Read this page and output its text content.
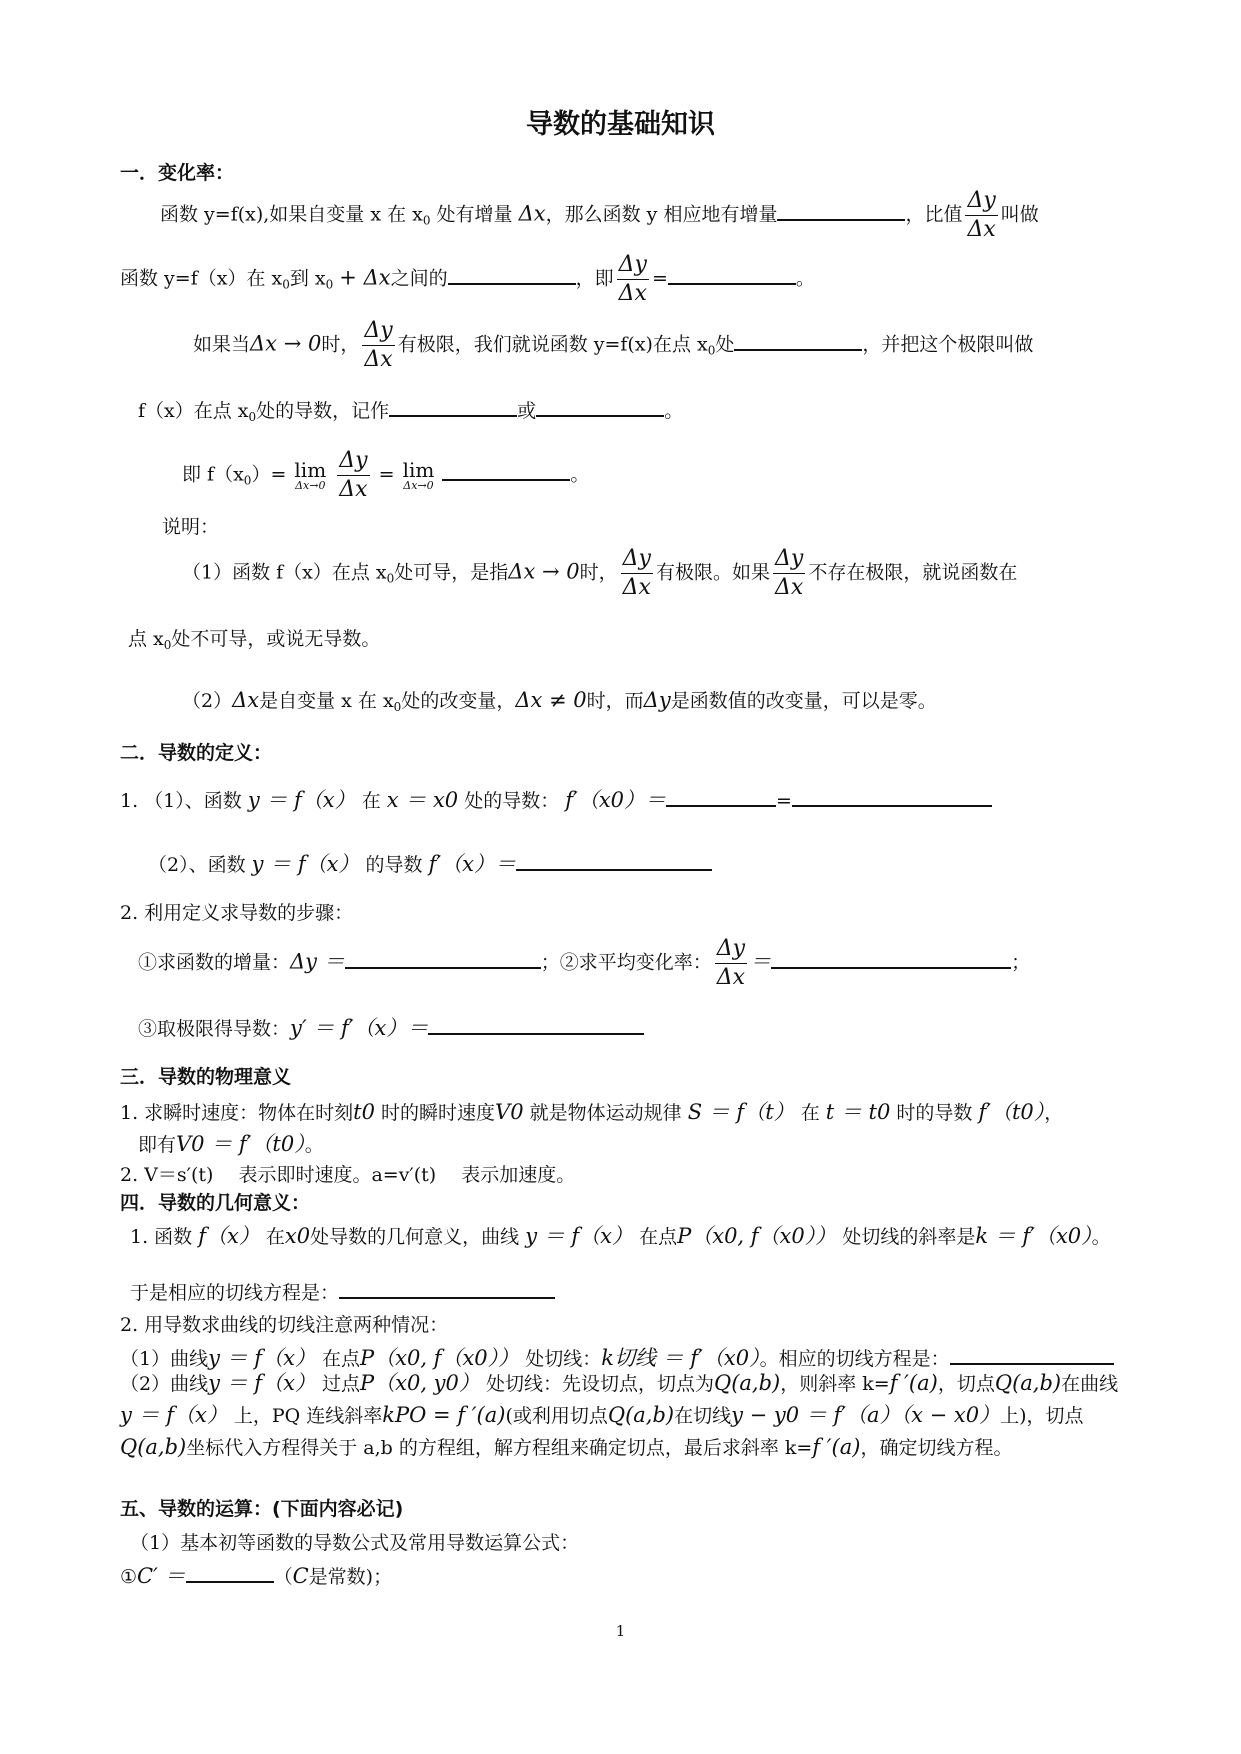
导数的基础知识
一．变化率：
函数 y=f(x),如果自变量 x 在 $x_0$ 处有增量 Δx，那么函数 y 相应地有增量	，比值 $\frac{\Delta y}{\Delta x}$ 叫做
函数 y=f（x）在 $x_0$到 $x_0 + \Delta x$之间的	，即 $\frac{\Delta y}{\Delta x}$ =	。
如果当Δx → 0时， $\frac{\Delta y}{\Delta x}$ 有极限，我们就说函数 y=f(x)在点 $x_0$处	，并把这个极限叫做
f（x）在点 $x_0$处的导数，记作	或	。
即 $f(x_0)= \lim$
Δx→0
$\frac{\Delta y}{\Delta x} = \lim$
Δx→0	。
说明：
（1）函数 f（x）在点 $x_0$处可导，是指Δx → 0时， $\frac{\Delta y}{\Delta x}$ 有极限。如果 $\frac{\Delta y}{\Delta x}$ 不存在极限，就说函数在
点 $x_0$处不可导，或说无导数。
（2）Δx是自变量 x 在 $x_0$处的改变量，Δx ≠ 0时，而Δy是函数值的改变量，可以是零。
二．导数的定义：
1. （1）、函数 y ＝ f（x） 在 x ＝ x0 处的导数： f′（x0）＝	=
（2）、函数 y ＝ f（x） 的导数 f′（x）＝
2. 利用定义求导数的步骤：
①求函数的增量：Δy ＝	；②求平均变化率： $\frac{\Delta y}{\Delta x}$ ＝	；
③取极限得导数：y′ ＝ f′（x）＝
三．导数的物理意义
1. 求瞬时速度：物体在时刻t0 时的瞬时速度V0 就是物体运动规律 S ＝ f（t） 在 t ＝ t0 时的导数 f′（t0），
即有V0 ＝ f′（t0）。
2. V＝s′(t)　 表示即时速度。a=v′(t)　 表示加速度。
四．导数的几何意义：
1. 函数 f（x） 在x0处导数的几何意义，曲线 y ＝ f（x） 在点P（x0, f（x0）） 处切线的斜率是k ＝ f′（x0）。
于是相应的切线方程是：
2. 用导数求曲线的切线注意两种情况：
（1）曲线y ＝ f（x） 在点P（x0, f（x0）） 处切线：k切线 ＝ f′（x0）。相应的切线方程是：
（2）曲线y ＝ f（x） 过点P（x0, y0） 处切线：先设切点，切点为Q(a,b)，则斜率 k=f ′(a)，切点Q(a,b)在曲线y ＝ f（x） 上，PQ 连线斜率kPO = f ′(a)(或利用切点Q(a,b)在切线y − y0 ＝ f′（a）（x − x0）上)，切点Q(a,b)坐标代入方程得关于 a,b 的方程组，解方程组来确定切点，最后求斜率 k=f ′(a)，确定切线方程。
五、导数的运算：(下面内容必记)
（1）基本初等函数的导数公式及常用导数运算公式：
①C′ ＝	（C是常数)；
1
